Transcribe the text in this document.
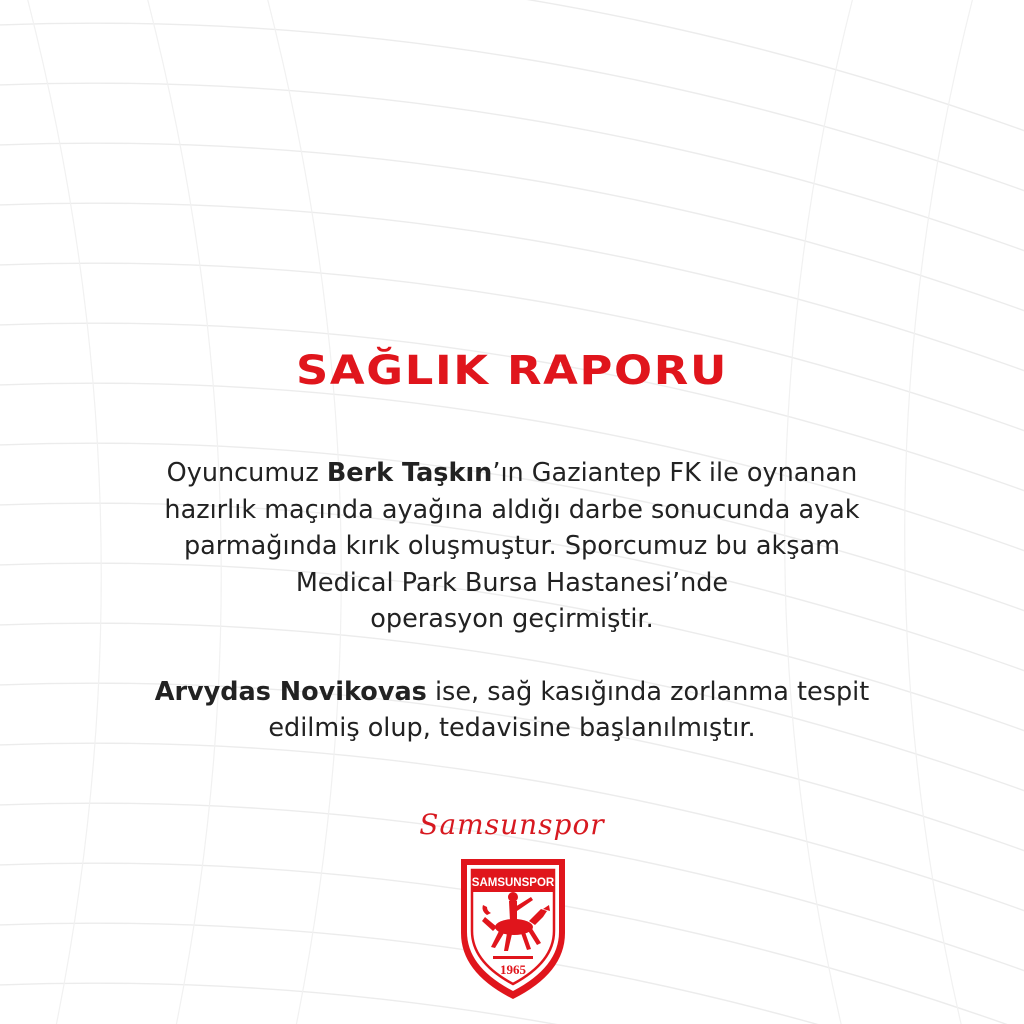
SAĞLIK RAPORU

Oyuncumuz Berk Taşkın’ın Gaziantep FK ile oynanan
hazırlık maçında ayağına aldığı darbe sonucunda ayak
parmağında kırık oluşmuştur. Sporcumuz bu akşam
Medical Park Bursa Hastanesi’nde
operasyon geçirmiştir.

Arvydas Novikovas ise, sağ kasığında zorlanma tespit
edilmiş olup, tedavisine başlanılmıştır.

Samsunspor
SAMSUNSPOR
1965
